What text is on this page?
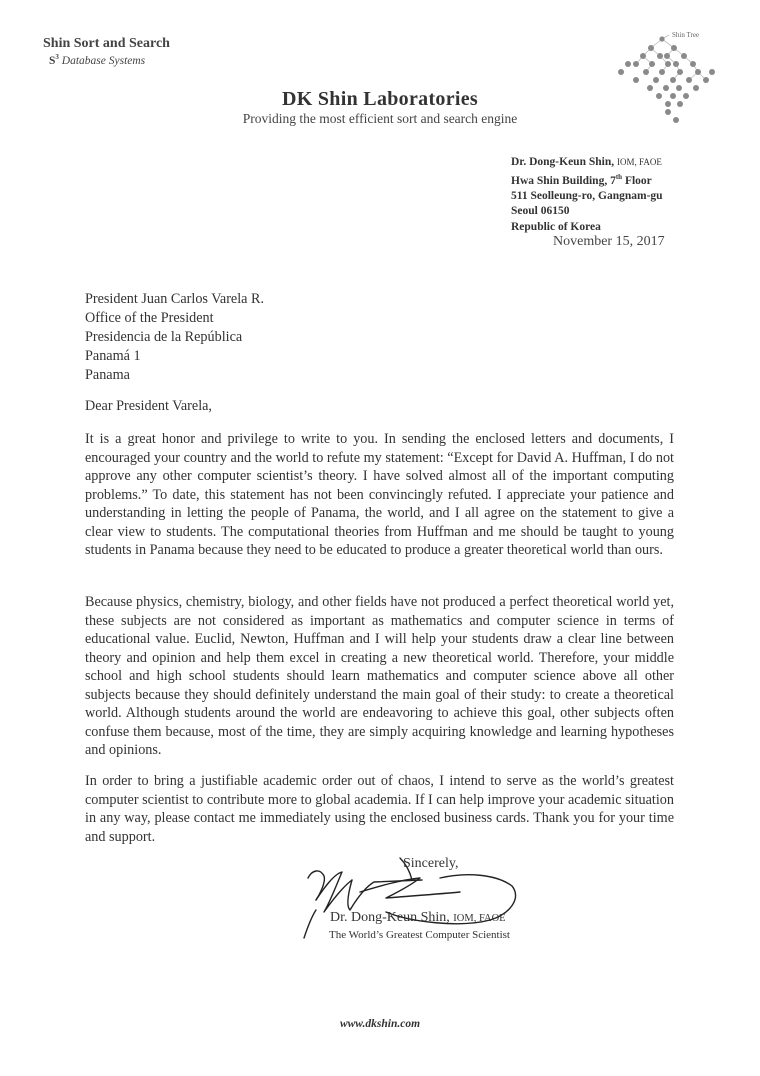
Shin Sort and Search
$S^3$ Database Systems
Shin Tree
DK Shin Laboratories
Providing the most efficient sort and search engine
Dr. Dong-Keun Shin, IOM, FAOE
Hwa Shin Building, 7th Floor
511 Seolleung-ro, Gangnam-gu
Seoul 06150
Republic of Korea
November 15, 2017
President Juan Carlos Varela R.
Office of the President
Presidencia de la República
Panamá 1
Panama
Dear President Varela,
It is a great honor and privilege to write to you. In sending the enclosed letters and documents, I encouraged your country and the world to refute my statement: “Except for David A. Huffman, I do not approve any other computer scientist’s theory. I have solved almost all of the important computing problems.” To date, this statement has not been convincingly refuted. I appreciate your patience and understanding in letting the people of Panama, the world, and I all agree on the statement to give a clear view to students. The computational theories from Huffman and me should be taught to young students in Panama because they need to be educated to produce a greater theoretical world than ours.
Because physics, chemistry, biology, and other fields have not produced a perfect theoretical world yet, these subjects are not considered as important as mathematics and computer science in terms of educational value. Euclid, Newton, Huffman and I will help your students draw a clear line between theory and opinion and help them excel in creating a new theoretical world. Therefore, your middle school and high school students should learn mathematics and computer science above all other subjects because they should definitely understand the main goal of their study: to create a theoretical world. Although students around the world are endeavoring to achieve this goal, other subjects often confuse them because, most of the time, they are simply acquiring knowledge and learning hypotheses and opinions.
In order to bring a justifiable academic order out of chaos, I intend to serve as the world’s greatest computer scientist to contribute more to global academia. If I can help improve your academic situation in any way, please contact me immediately using the enclosed business cards. Thank you for your time and support.
Sincerely,
Dr. Dong-Keun Shin, IOM, FAOE
The World’s Greatest Computer Scientist
www.dkshin.com
